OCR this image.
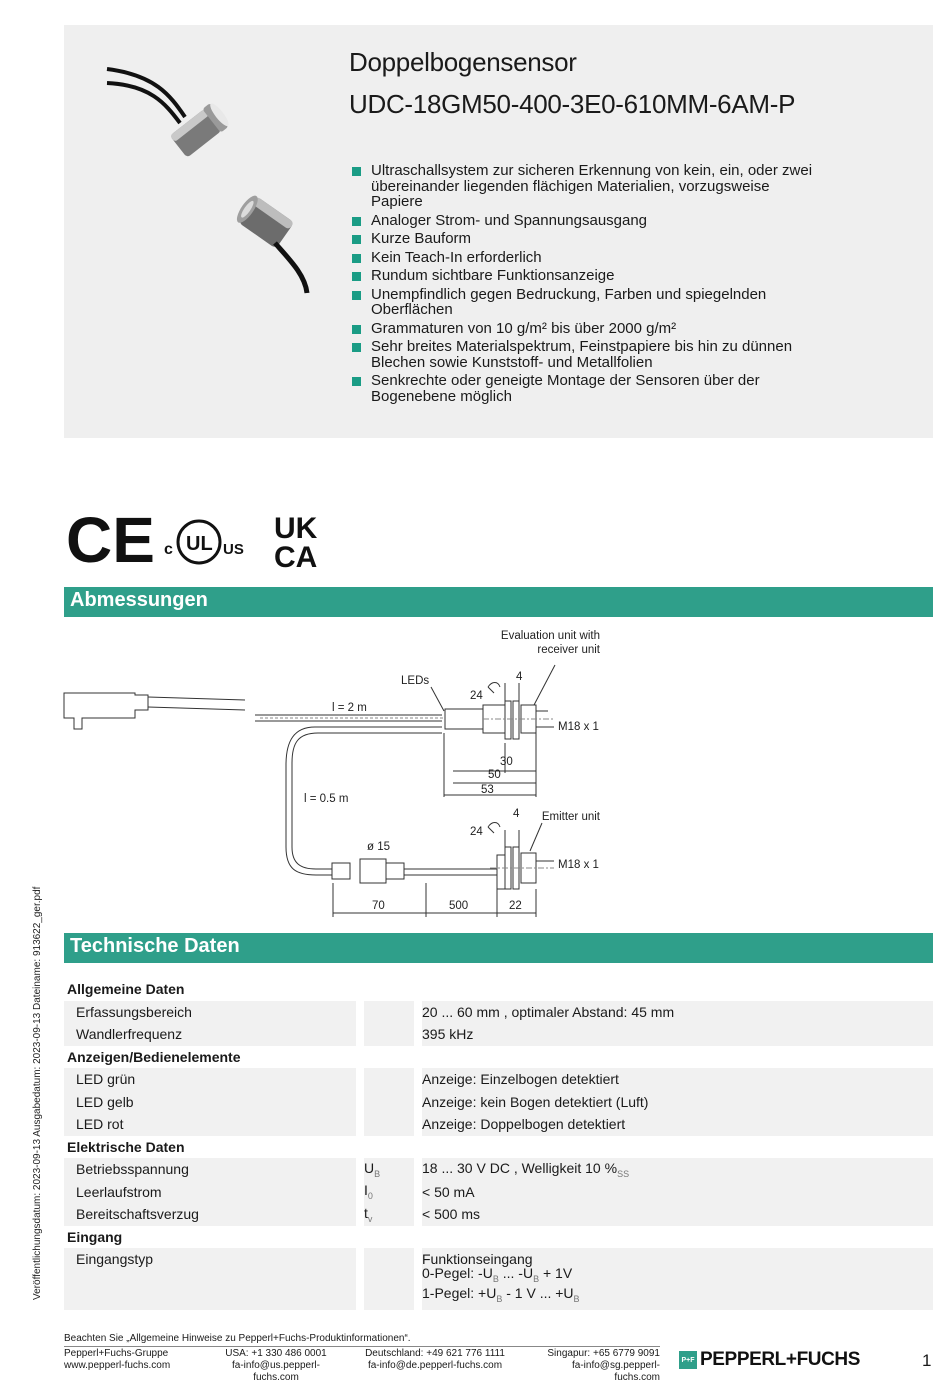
Doppelbogensensor
UDC-18GM50-400-3E0-610MM-6AM-P
Ultraschallsystem zur sicheren Erkennung von kein, ein, oder zwei übereinander liegenden flächigen Materialien, vorzugsweise Papiere
Analoger Strom- und Spannungsausgang
Kurze Bauform
Kein Teach-In erforderlich
Rundum sichtbare Funktionsanzeige
Unempfindlich gegen Bedruckung, Farben und spiegelnden Oberflächen
Grammaturen von 10 g/m² bis über 2000 g/m²
Sehr breites Materialspektrum, Feinstpapiere bis hin zu dünnen Blechen sowie Kunststoff- und Metallfolien
Senkrechte oder geneigte Montage der Sensoren über der Bogenebene möglich
CE c UL US
UK
CA
Abmessungen
Evaluation unit with
receiver unit
LEDs
l = 2 m
l = 0.5 m
M18 x 1
M18 x 1
Emitter unit
ø 15
24
24
4
4
30
50
53
70	500	22
Technische Daten
Allgemeine Daten				
Erfassungsbereich				20 ... 60 mm , optimaler Abstand: 45 mm
Wandlerfrequenz				395 kHz
Anzeigen/Bedienelemente				
LED grün				Anzeige: Einzelbogen detektiert
LED gelb				Anzeige: kein Bogen detektiert (Luft)
LED rot				Anzeige: Doppelbogen detektiert
Elektrische Daten				
Betriebsspannung		$U_B$		18 ... 30 V DC , Welligkeit 10 $\%_{SS}$
Leerlaufstrom		$I_0$		< 50 mA
Bereitschaftsverzug		$t_v$		< 500 ms
Eingang				
Eingangstyp				Funktionseingang
0-Pegel: $-U_B$ ... $-U_B + 1V$
1-Pegel: $+U_B - 1$ V ... $+U_B$
Veröffentlichungsdatum: 2023-09-13 Ausgabedatum: 2023-09-13 Dateiname: 913622_ger.pdf
Beachten Sie „Allgemeine Hinweise zu Pepperl+Fuchs-Produktinformationen“.
Pepperl+Fuchs-Gruppe
www.pepperl-fuchs.com
USA: +1 330 486 0001
fa-info@us.pepperl-fuchs.com
Deutschland: +49 621 776 1111
fa-info@de.pepperl-fuchs.com
Singapur: +65 6779 9091
fa-info@sg.pepperl-fuchs.com
P+F PEPPERL+FUCHS	1
